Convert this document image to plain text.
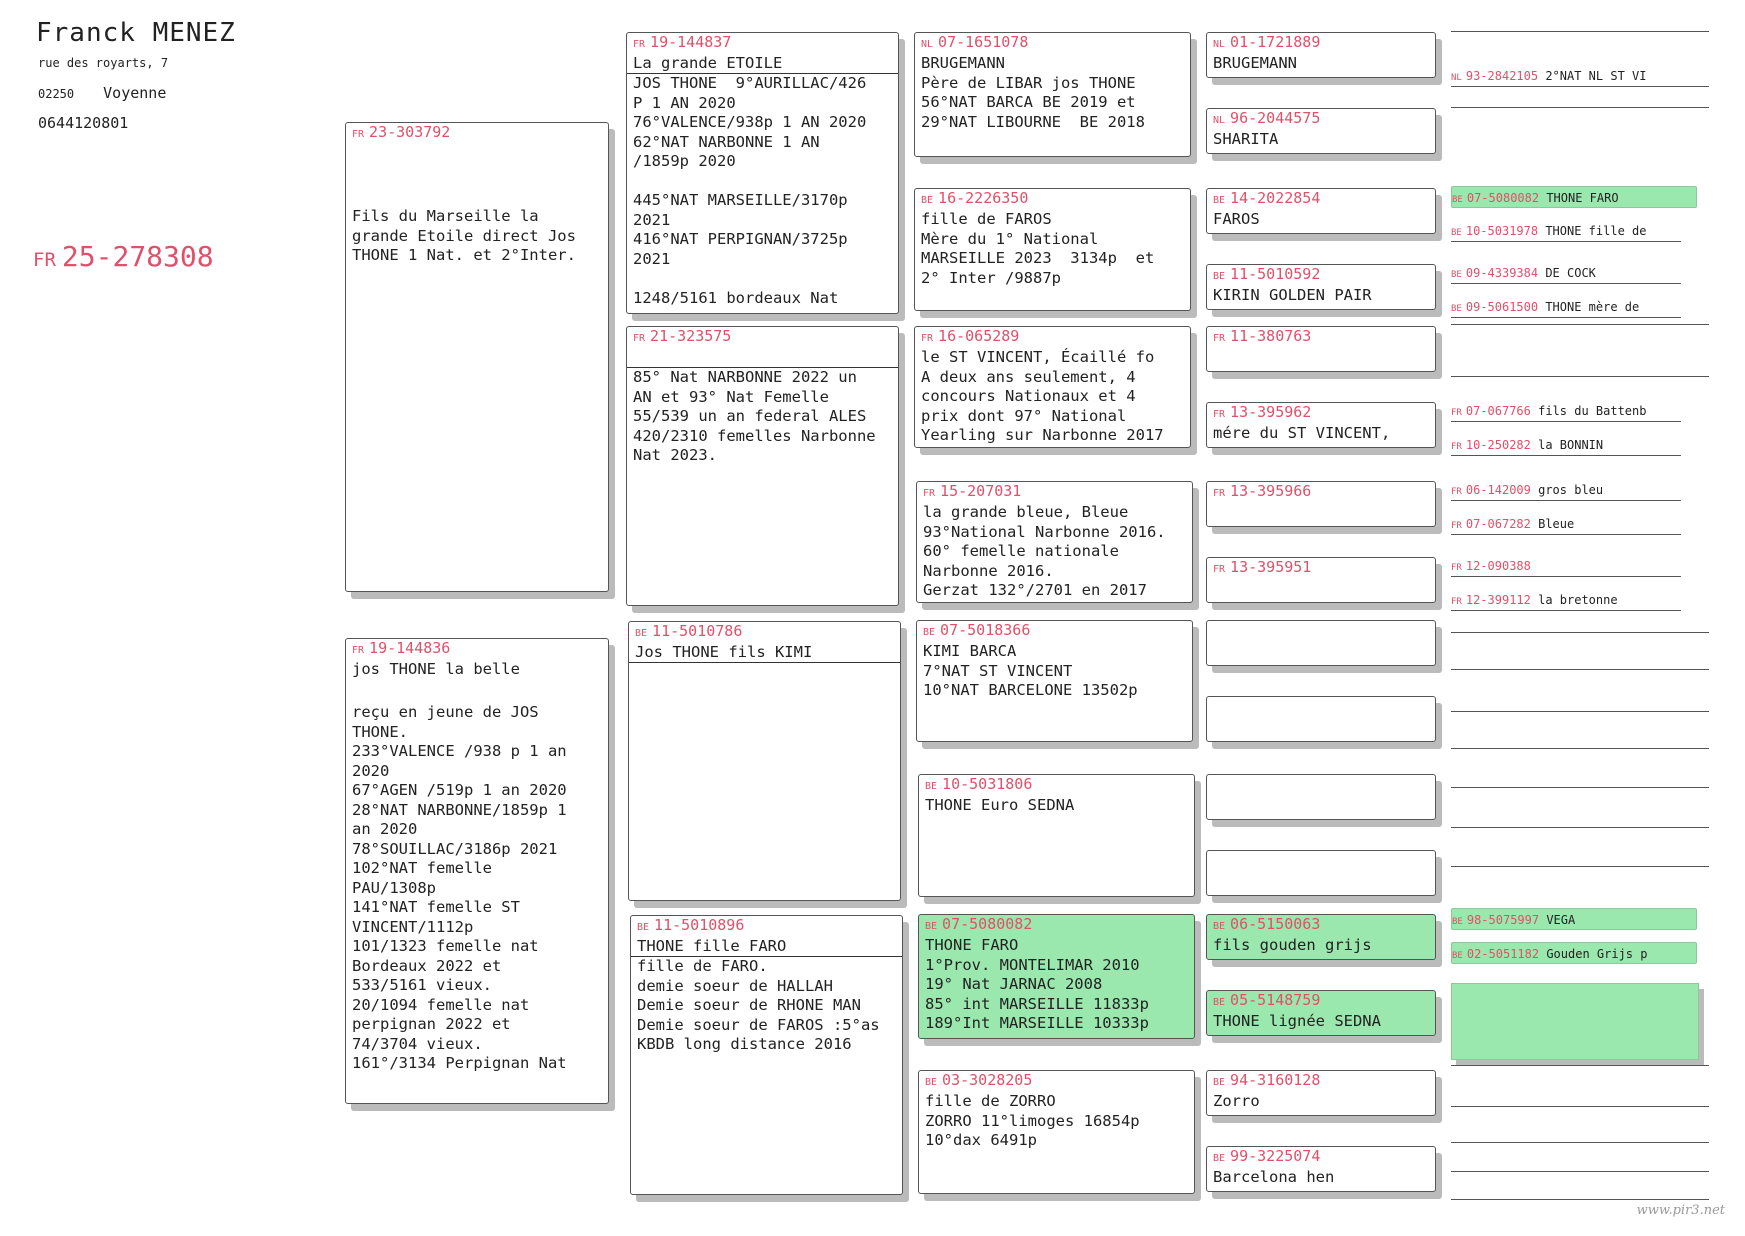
Franck MENEZ
rue des royarts, 7
02250 Voyenne
0644120801
FR 25-278308
FR 23-303792
Fils du Marseille la
grande Etoile direct Jos
THONE 1 Nat. et 2°Inter.
FR 19-144836
jos THONE la belle

reçu en jeune de JOS
THONE.
233°VALENCE /938 p 1 an
2020
67°AGEN /519p 1 an 2020
28°NAT NARBONNE/1859p 1
an 2020
78°SOUILLAC/3186p 2021
102°NAT femelle
PAU/1308p
141°NAT femelle ST
VINCENT/1112p
101/1323 femelle nat
Bordeaux 2022 et
533/5161 vieux.
20/1094 femelle nat
perpignan 2022 et
74/3704 vieux.
161°/3134 Perpignan Nat
FR 19-144837
La grande ETOILE
JOS THONE  9°AURILLAC/426
P 1 AN 2020
76°VALENCE/938p 1 AN 2020
62°NAT NARBONNE 1 AN
/1859p 2020

445°NAT MARSEILLE/3170p
2021
416°NAT PERPIGNAN/3725p
2021

1248/5161 bordeaux Nat
FR 21-323575
85° Nat NARBONNE 2022 un
AN et 93° Nat Femelle
55/539 un an federal ALES
420/2310 femelles Narbonne
Nat 2023.
BE 11-5010786
Jos THONE fils KIMI
BE 11-5010896
THONE fille FARO
fille de FARO.
demie soeur de HALLAH
Demie soeur de RHONE MAN
Demie soeur de FAROS :5°as
KBDB long distance 2016
NL 07-1651078
BRUGEMANN
Père de LIBAR jos THONE
56°NAT BARCA BE 2019 et
29°NAT LIBOURNE  BE 2018
BE 16-2226350
fille de FAROS
Mère du 1° National
MARSEILLE 2023  3134p  et
2° Inter /9887p
FR 16-065289
le ST VINCENT, Écaillé fo
A deux ans seulement, 4
concours Nationaux et 4
prix dont 97° National
Yearling sur Narbonne 2017
FR 15-207031
la grande bleue, Bleue
93°National Narbonne 2016.
60° femelle nationale
Narbonne 2016.
Gerzat 132°/2701 en 2017
BE 07-5018366
KIMI BARCA
7°NAT ST VINCENT
10°NAT BARCELONE 13502p
BE 10-5031806
THONE Euro SEDNA
BE 07-5080082
THONE FARO
1°Prov. MONTELIMAR 2010
19° Nat JARNAC 2008
85° int MARSEILLE 11833p
189°Int MARSEILLE 10333p
BE 03-3028205
fille de ZORRO
ZORRO 11°limoges 16854p
10°dax 6491p
NL 01-1721889
BRUGEMANN
NL 96-2044575
SHARITA
BE 14-2022854
FAROS
BE 11-5010592
KIRIN GOLDEN PAIR
FR 11-380763
FR 13-395962
mére du ST VINCENT,
FR 13-395966
FR 13-395951
BE 06-5150063
fils gouden grijs
BE 05-5148759
THONE lignée SEDNA
BE 94-3160128
Zorro
BE 99-3225074
Barcelona hen
NL 93-2842105 2°NAT NL ST VI
BE 07-5080082 THONE FARO
BE 10-5031978 THONE fille de
BE 09-4339384 DE COCK
BE 09-5061500 THONE mère de
FR 07-067766 fils du Battenb
FR 10-250282 la BONNIN
FR 06-142009 gros bleu
FR 07-067282 Bleue
FR 12-090388
FR 12-399112 la bretonne
BE 98-5075997 VEGA
BE 02-5051182 Gouden Grijs p
www.pir3.net
